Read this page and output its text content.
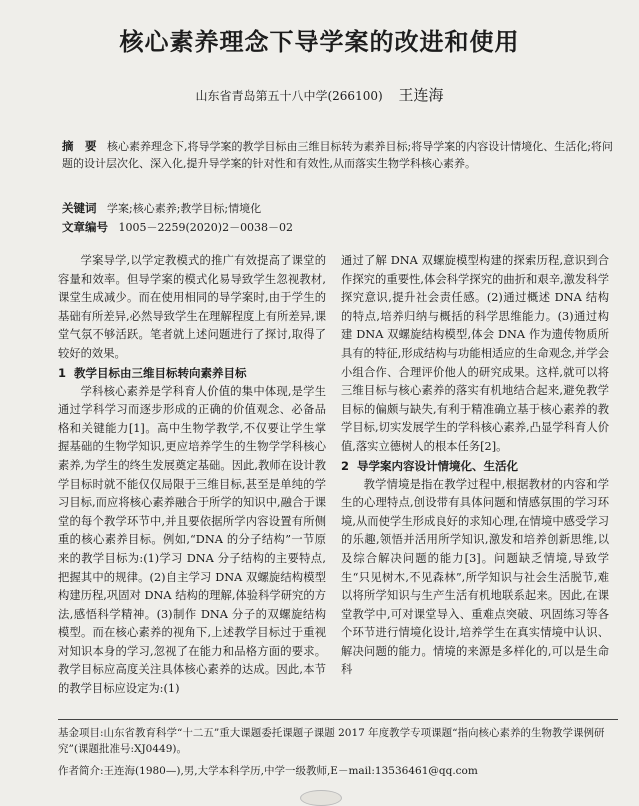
核心素养理念下导学案的改进和使用
山东省青岛第五十八中学(266100) 王连海
摘　要 核心素养理念下,将导学案的教学目标由三维目标转为素养目标;将导学案的内容设计情境化、生活化;将问题的设计层次化、深入化,提升导学案的针对性和有效性,从而落实生物学科核心素养。
关键词 学案;核心素养;教学目标;情境化
文章编号 1005－2259(2020)2－0038－02

学案导学,以学定教模式的推广有效提高了课堂的容量和效率。但导学案的模式化易导致学生忽视教材,课堂生成减少。而在使用相同的导学案时,由于学生的基础有所差异,必然导致学生在理解程度上有所差异,课堂气氛不够活跃。笔者就上述问题进行了探讨,取得了较好的效果。

1 教学目标由三维目标转向素养目标

学科核心素养是学科育人价值的集中体现,是学生通过学科学习而逐步形成的正确的价值观念、必备品格和关键能力[1]。高中生物学教学,不仅要让学生掌握基础的生物学知识,更应培养学生的生物学学科核心素养,为学生的终生发展奠定基础。因此,教师在设计教学目标时就不能仅仅局限于三维目标,甚至是单纯的学习目标,而应将核心素养融合于所学的知识中,融合于课堂的每个教学环节中,并且要依据所学内容设置有所侧重的核心素养目标。例如,“DNA 的分子结构”一节原来的教学目标为:(1)学习 DNA 分子结构的主要特点,把握其中的规律。(2)自主学习 DNA 双螺旋结构模型构建历程,巩固对 DNA 结构的理解,体验科学研究的方法,感悟科学精神。(3)制作 DNA 分子的双螺旋结构模型。而在核心素养的视角下,上述教学目标过于重视对知识本身的学习,忽视了在能力和品格方面的要求。教学目标应高度关注具体核心素养的达成。因此,本节的教学目标应设定为:(1)

通过了解 DNA 双螺旋模型构建的探索历程,意识到合作探究的重要性,体会科学探究的曲折和艰辛,激发科学探究意识,提升社会责任感。(2)通过概述 DNA 结构的特点,培养归纳与概括的科学思维能力。(3)通过构建 DNA 双螺旋结构模型,体会 DNA 作为遗传物质所具有的特征,形成结构与功能相适应的生命观念,并学会小组合作、合理评价他人的研究成果。这样,就可以将三维目标与核心素养的落实有机地结合起来,避免教学目标的偏颇与缺失,有利于精准确立基于核心素养的教学目标,切实发展学生的学科核心素养,凸显学科育人价值,落实立德树人的根本任务[2]。

2 导学案内容设计情境化、生活化

教学情境是指在教学过程中,根据教材的内容和学生的心理特点,创设带有具体问题和情感氛围的学习环境,从而使学生形成良好的求知心理,在情境中感受学习的乐趣,领悟并活用所学知识,激发和培养创新思维,以及综合解决问题的能力[3]。问题缺乏情境,导致学生“只见树木,不见森林”,所学知识与社会生活脱节,难以将所学知识与生产生活有机地联系起来。因此,在课堂教学中,可对课堂导入、重难点突破、巩固练习等各个环节进行情境化设计,培养学生在真实情境中认识、解决问题的能力。情境的来源是多样化的,可以是生命科

基金项目:山东省教育科学“十二五”重大课题委托课题子课题 2017 年度教学专项课题“指向核心素养的生物教学课例研究”(课题批准号:XJ0449)。
作者简介:王连海(1980—),男,大学本科学历,中学一级教师,E－mail:13536461@qq.com
